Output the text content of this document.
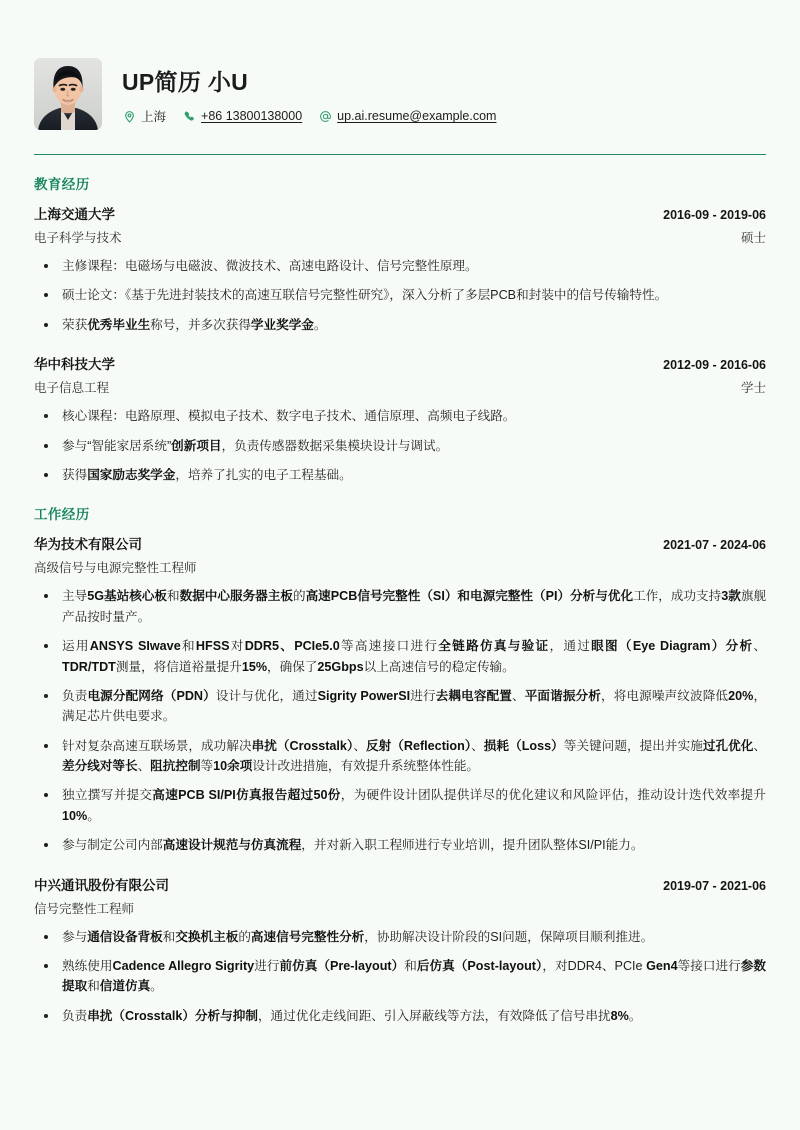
UP简历 小U
上海	+86 13800138000	up.ai.resume@example.com
教育经历
上海交通大学	2016-09 - 2019-06
电子科学与技术	硕士
主修课程：电磁场与电磁波、微波技术、高速电路设计、信号完整性原理。
硕士论文：《基于先进封装技术的高速互联信号完整性研究》，深入分析了多层PCB和封装中的信号传输特性。
荣获优秀毕业生称号，并多次获得学业奖学金。
华中科技大学	2012-09 - 2016-06
电子信息工程	学士
核心课程：电路原理、模拟电子技术、数字电子技术、通信原理、高频电子线路。
参与“智能家居系统”创新项目，负责传感器数据采集模块设计与调试。
获得国家励志奖学金，培养了扎实的电子工程基础。
工作经历
华为技术有限公司	2021-07 - 2024-06
高级信号与电源完整性工程师
主导5G基站核心板和数据中心服务器主板的高速PCB信号完整性（SI）和电源完整性（PI）分析与优化工作，成功支持3款旗舰产品按时量产。
运用ANSYS SIwave和HFSS对DDR5、PCIe5.0等高速接口进行全链路仿真与验证，通过眼图（Eye Diagram）分析、TDR/TDT测量，将信道裕量提升15%，确保了25Gbps以上高速信号的稳定传输。
负责电源分配网络（PDN）设计与优化，通过Sigrity PowerSI进行去耦电容配置、平面谐振分析，将电源噪声纹波降低20%，满足芯片供电要求。
针对复杂高速互联场景，成功解决串扰（Crosstalk）、反射（Reflection）、损耗（Loss）等关键问题，提出并实施过孔优化、差分线对等长、阻抗控制等10余项设计改进措施，有效提升系统整体性能。
独立撰写并提交高速PCB SI/PI仿真报告超过50份，为硬件设计团队提供详尽的优化建议和风险评估，推动设计迭代效率提升10%。
参与制定公司内部高速设计规范与仿真流程，并对新入职工程师进行专业培训，提升团队整体SI/PI能力。
中兴通讯股份有限公司	2019-07 - 2021-06
信号完整性工程师
参与通信设备背板和交换机主板的高速信号完整性分析，协助解决设计阶段的SI问题，保障项目顺利推进。
熟练使用Cadence Allegro Sigrity进行前仿真（Pre-layout）和后仿真（Post-layout），对DDR4、PCIe Gen4等接口进行参数提取和信道仿真。
负责串扰（Crosstalk）分析与抑制，通过优化走线间距、引入屏蔽线等方法，有效降低了信号串扰8%。
